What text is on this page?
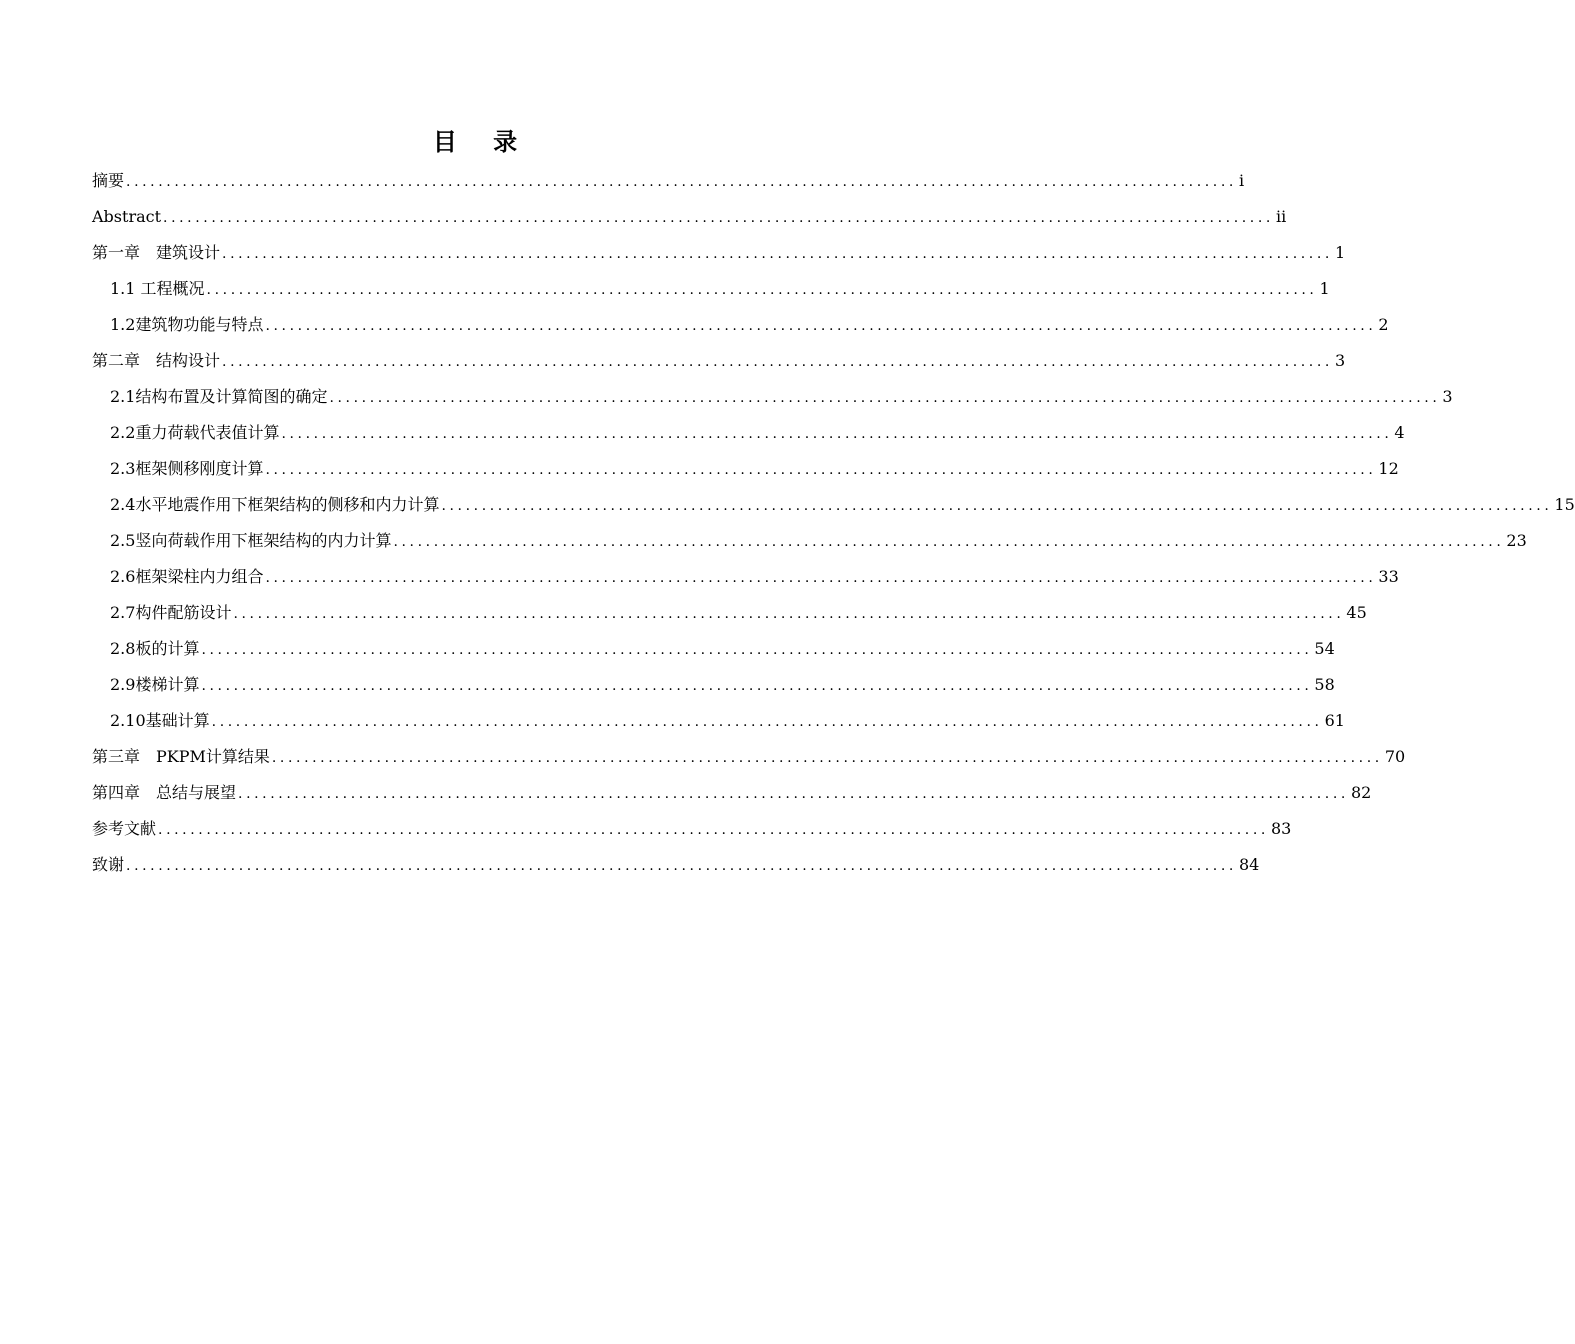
目 录
摘要 .......................................................................................................................................... i
Abstract .......................................................................................................................................... ii
第一章　建筑设计 .......................................................................................................................................... 1
1.1 工程概况 .......................................................................................................................................... 1
1.2建筑物功能与特点 .......................................................................................................................................... 2
第二章　结构设计 .......................................................................................................................................... 3
2.1结构布置及计算简图的确定 .......................................................................................................................................... 3
2.2重力荷载代表值计算 .......................................................................................................................................... 4
2.3框架侧移刚度计算 .......................................................................................................................................... 12
2.4水平地震作用下框架结构的侧移和内力计算 .......................................................................................................................................... 15
2.5竖向荷载作用下框架结构的内力计算 .......................................................................................................................................... 23
2.6框架梁柱内力组合 .......................................................................................................................................... 33
2.7构件配筋设计 .......................................................................................................................................... 45
2.8板的计算 .......................................................................................................................................... 54
2.9楼梯计算 .......................................................................................................................................... 58
2.10基础计算 .......................................................................................................................................... 61
第三章　PKPM计算结果 .......................................................................................................................................... 70
第四章　总结与展望 .......................................................................................................................................... 82
参考文献 .......................................................................................................................................... 83
致谢 .......................................................................................................................................... 84
